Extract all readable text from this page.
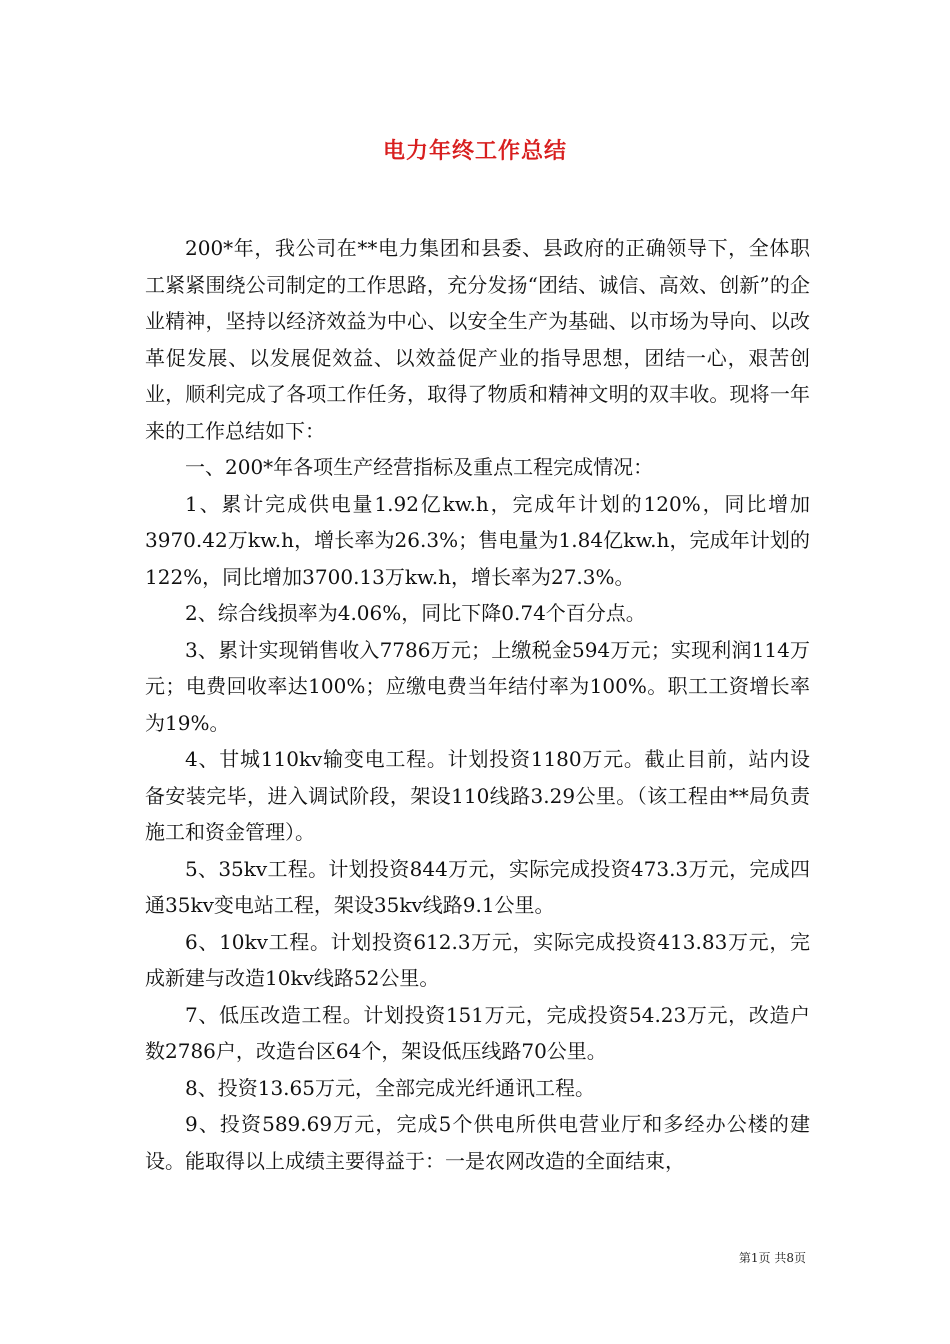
电力年终工作总结

200*年，我公司在**电力集团和县委、县政府的正确领导下，全体职工紧紧围绕公司制定的工作思路，充分发扬“团结、诚信、高效、创新”的企业精神，坚持以经济效益为中心、以安全生产为基础、以市场为导向、以改革促发展、以发展促效益、以效益促产业的指导思想，团结一心，艰苦创业，顺利完成了各项工作任务，取得了物质和精神文明的双丰收。现将一年来的工作总结如下：

一、200*年各项生产经营指标及重点工程完成情况：

1、累计完成供电量1.92亿kw.h，完成年计划的120%，同比增加3970.42万kw.h，增长率为26.3%；售电量为1.84亿kw.h，完成年计划的122%，同比增加3700.13万kw.h，增长率为27.3%。

2、综合线损率为4.06%，同比下降0.74个百分点。

3、累计实现销售收入7786万元；上缴税金594万元；实现利润114万元；电费回收率达100%；应缴电费当年结付率为100%。职工工资增长率为19%。

4、甘城110kv输变电工程。计划投资1180万元。截止目前，站内设备安装完毕，进入调试阶段，架设110线路3.29公里。（该工程由**局负责施工和资金管理）。

5、35kv工程。计划投资844万元，实际完成投资473.3万元，完成四通35kv变电站工程，架设35kv线路9.1公里。

6、10kv工程。计划投资612.3万元，实际完成投资413.83万元，完成新建与改造10kv线路52公里。

7、低压改造工程。计划投资151万元，完成投资54.23万元，改造户数2786户，改造台区64个，架设低压线路70公里。

8、投资13.65万元，全部完成光纤通讯工程。

9、投资589.69万元，完成5个供电所供电营业厅和多经办公楼的建设。能取得以上成绩主要得益于：一是农网改造的全面结束，

第1页 共8页
